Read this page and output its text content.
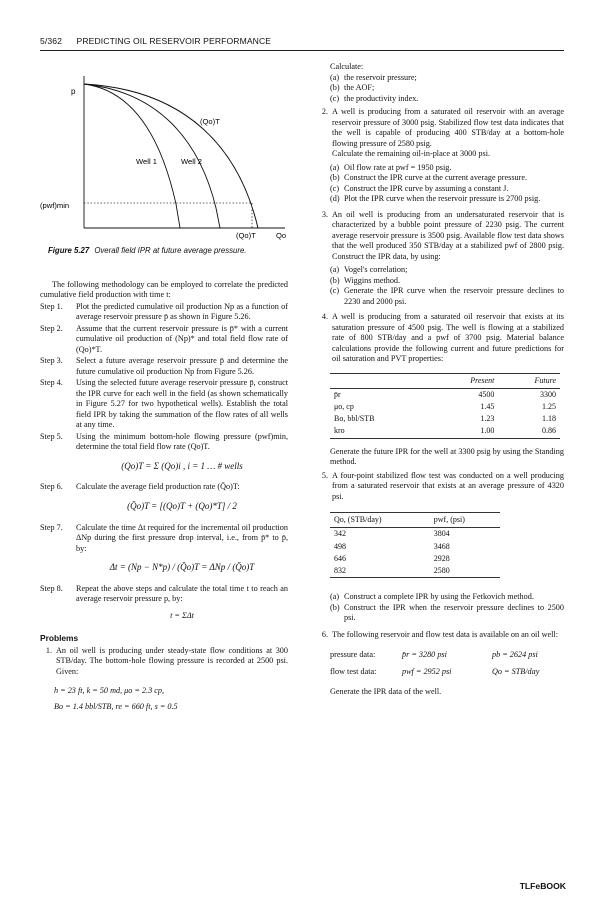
5/362 PREDICTING OIL RESERVOIR PERFORMANCE
p
(pwf)min
(Qo)T
Well 1	Well 2
(Qo)T	Qo
Figure 5.27 Overall field IPR at future average pressure.

The following methodology can be employed to correlate the predicted cumulative field production with time t:

Step 1.	Plot the predicted cumulative oil production Np as a function of average reservoir pressure p̄ as shown in Figure 5.26.
Step 2.	Assume that the current reservoir pressure is p̄* with a current cumulative oil production of (Np)* and total field flow rate of (Qo)*T.
Step 3.	Select a future average reservoir pressure p̄ and determine the future cumulative oil production Np from Figure 5.26.
Step 4.	Using the selected future average reservoir pressure p̄, construct the IPR curve for each well in the field (as shown schematically in Figure 5.27 for two hypothetical wells). Establish the total field IPR by taking the summation of the flow rates of all wells at any time.
Step 5.	Using the minimum bottom-hole flowing pressure (pwf)min, determine the total field flow rate (Qo)T.
(Qo)T = Σ (Qo)i , i = 1 … # wells
Step 6.	Calculate the average field production rate (Q̄o)T:
(Q̄o)T = [(Qo)T + (Qo)*T] / 2
Step 7.	Calculate the time Δt required for the incremental oil production ΔNp during the first pressure drop interval, i.e., from p̄* to p̄, by:
Δt = (Np − N*p) / (Q̄o)T = ΔNp / (Q̄o)T
Step 8.	Repeat the above steps and calculate the total time t to reach an average reservoir pressure p, by:
t = ΣΔt
Problems
1. An oil well is producing under steady-state flow conditions at 300 STB/day. The bottom-hole flowing pressure is recorded at 2500 psi. Given:
h = 23 ft, k = 50 md, μo = 2.3 cp,
Bo = 1.4 bbl/STB, re = 660 ft, s = 0.5
Calculate:
(a) the reservoir pressure;
(b) the AOF;
(c) the productivity index.
2. A well is producing from a saturated oil reservoir with an average reservoir pressure of 3000 psig. Stabilized flow test data indicates that the well is capable of producing 400 STB/day at a bottom-hole flowing pressure of 2580 psig.
Calculate the remaining oil-in-place at 3000 psi.
(a) Oil flow rate at pwf = 1950 psig.
(b) Construct the IPR curve at the current average pressure.
(c) Construct the IPR curve by assuming a constant J.
(d) Plot the IPR curve when the reservoir pressure is 2700 psig.
3. An oil well is producing from an undersaturated reservoir that is characterized by a bubble point pressure of 2230 psig. The current average reservoir pressure is 3500 psig. Available flow test data shows that the well produced 350 STB/day at a stabilized pwf of 2800 psig. Construct the IPR data, by using:
(a) Vogel's correlation;
(b) Wiggins method.
(c) Generate the IPR curve when the reservoir pressure declines to 2230 and 2000 psi.
4. A well is producing from a saturated oil reservoir that exists at its saturation pressure of 4500 psig. The well is flowing at a stabilized rate of 800 STB/day and a pwf of 3700 psig. Material balance calculations provide the following current and future predictions for oil saturation and PVT properties:
	Present	Future
p̄r	4500	3300
μo, cp	1.45	1.25
Bo, bbl/STB	1.23	1.18
kro	1.00	0.86
Generate the future IPR for the well at 3300 psig by using the Standing method.
5. A four-point stabilized flow test was conducted on a well producing from a saturated reservoir that exists at an average pressure of 4320 psi.
Qo, (STB/day)	pwf, (psi)
342	3804
498	3468
646	2928
832	2580
(a) Construct a complete IPR by using the Fetkovich method.
(b) Construct the IPR when the reservoir pressure declines to 2500 psi.
6. The following reservoir and flow test data is available on an oil well:
pressure data:	p̄r = 3280 psi	pb = 2624 psi
flow test data:	pwf = 2952 psi	Qo = STB/day
Generate the IPR data of the well.
TLFeBOOK
